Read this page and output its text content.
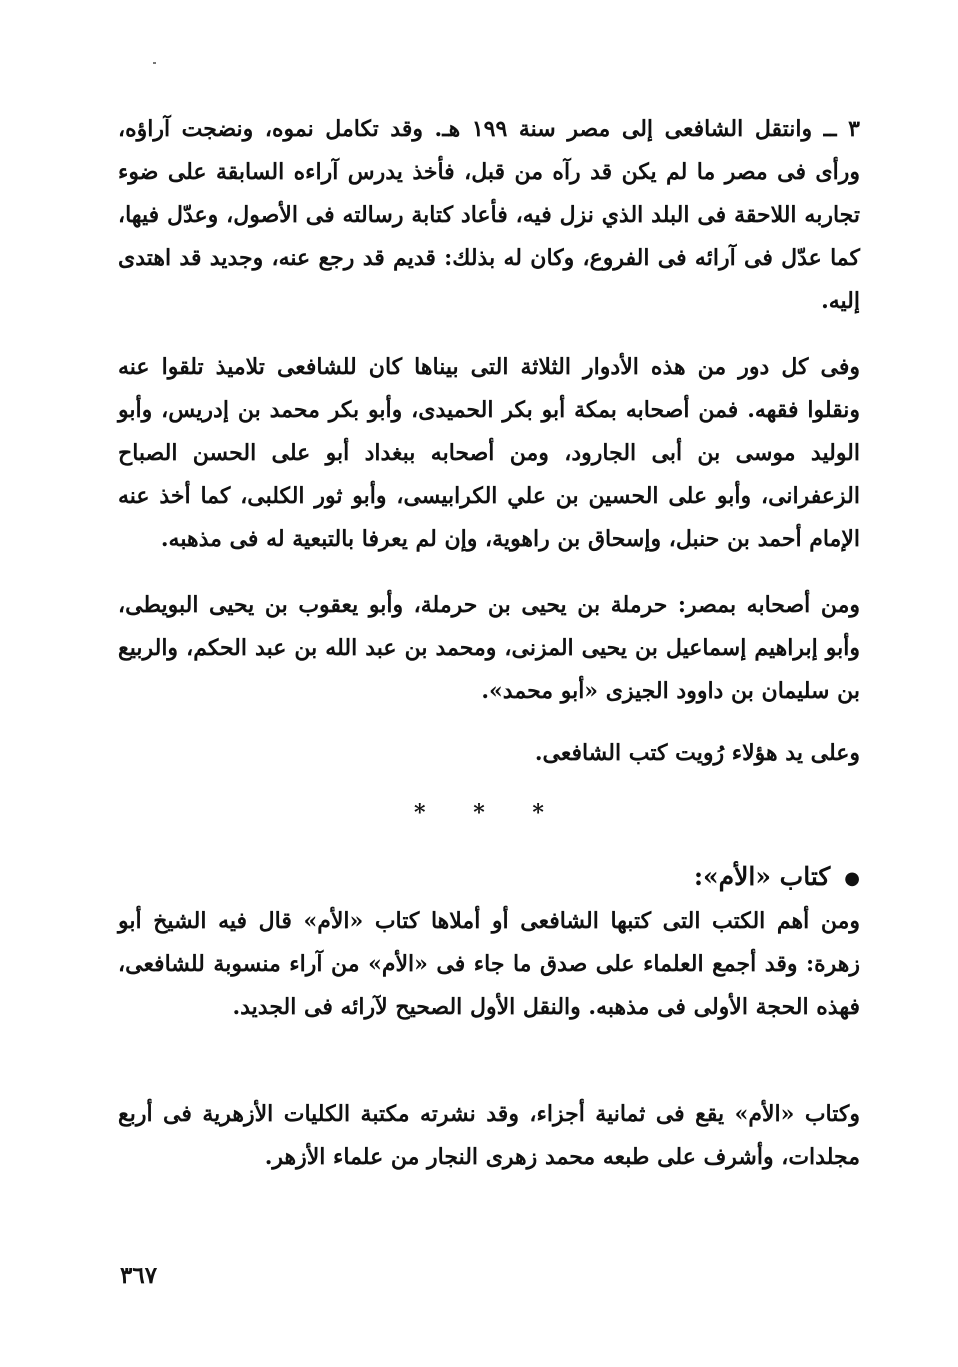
٣ ــ وانتقل الشافعى إلى مصر سنة ١٩٩ هـ. وقد تكامل نموه، ونضجت آراؤه، ورأى فى مصر ما لم يكن قد رآه من قبل، فأخذ يدرس آراءه السابقة على ضوء تجاربه اللاحقة فى البلد الذي نزل فيه، فأعاد كتابة رسالته فى الأصول، وعدّل فيها، كما عدّل فى آرائه فى الفروع، وكان له بذلك: قديم قد رجع عنه، وجديد قد اهتدى إليه.

وفى كل دور من هذه الأدوار الثلاثة التى بيناها كان للشافعى تلاميذ تلقوا عنه ونقلوا فقهه. فمن أصحابه بمكة أبو بكر الحميدى، وأبو بكر محمد بن إدريس، وأبو الوليد موسى بن أبى الجارود، ومن أصحابه ببغداد أبو على الحسن الصباح الزعفرانى، وأبو على الحسين بن علي الكرابيسى، وأبو ثور الكلبى، كما أخذ عنه الإمام أحمد بن حنبل، وإسحاق بن راهوية، وإن لم يعرفا بالتبعية له فى مذهبه.

ومن أصحابه بمصر: حرملة بن يحيى بن حرملة، وأبو يعقوب بن يحيى البويطى، وأبو إبراهيم إسماعيل بن يحيى المزنى، ومحمد بن عبد الله بن عبد الحكم، والربيع بن سليمان بن داوود الجيزى «أبو محمد».

وعلى يد هؤلاء رُويت كتب الشافعى.

* * *
●كتاب «الأم»:

ومن أهم الكتب التى كتبها الشافعى أو أملاها كتاب «الأم» قال فيه الشيخ أبو زهرة: وقد أجمع العلماء على صدق ما جاء فى «الأم» من آراء منسوبة للشافعى، فهذه الحجة الأولى فى مذهبه. والنقل الأول الصحيح لآرائه فى الجديد.

وكتاب «الأم» يقع فى ثمانية أجزاء، وقد نشرته مكتبة الكليات الأزهرية فى أربع مجلدات، وأشرف على طبعه محمد زهرى النجار من علماء الأزهر.

٣٦٧
